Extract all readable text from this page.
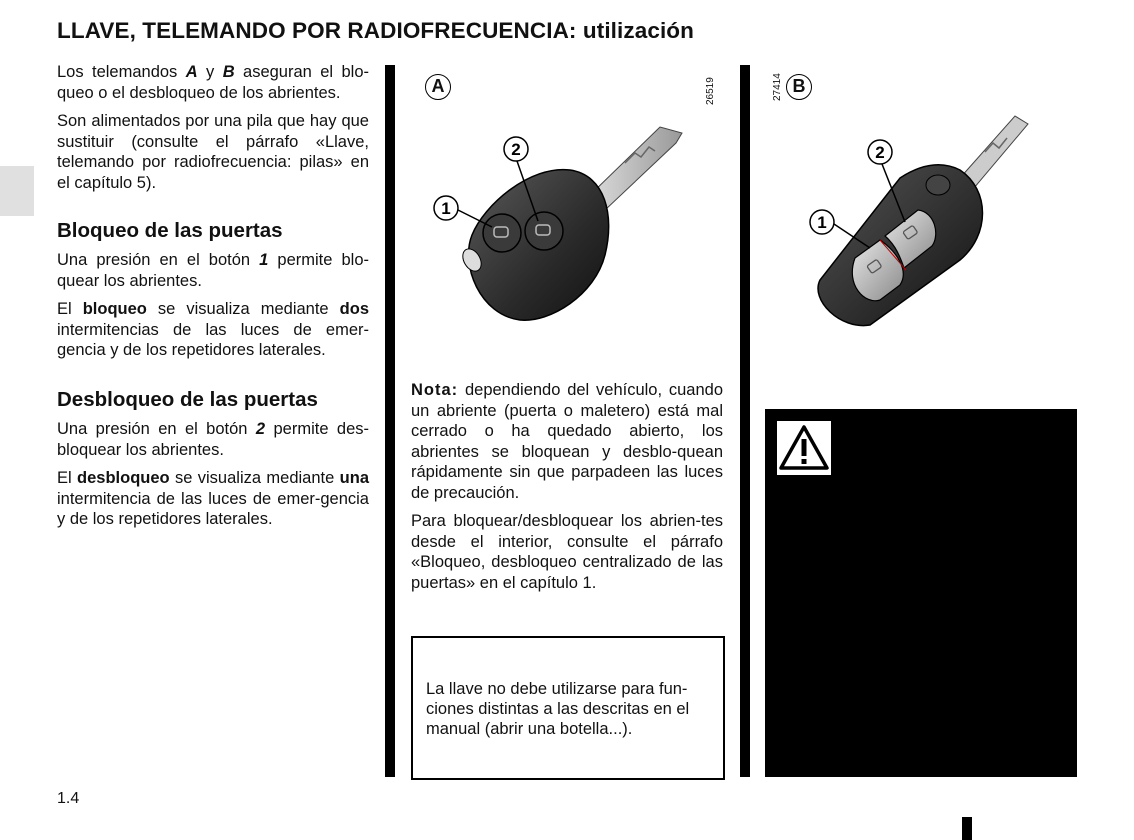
LLAVE, TELEMANDO POR RADIOFRECUENCIA: utilización

Los telemandos A y B aseguran el blo-queo o el desbloqueo de los abrientes.

Son alimentados por una pila que hay que sustituir (consulte el párrafo «Llave, telemando por radiofrecuencia: pilas» en el capítulo 5).

Bloqueo de las puertas

Una presión en el botón 1 permite blo-quear los abrientes.

El bloqueo se visualiza mediante dos intermitencias de las luces de emer-gencia y de los repetidores laterales.

Desbloqueo de las puertas

Una presión en el botón 2 permite des-bloquear los abrientes.

El desbloqueo se visualiza mediante una intermitencia de las luces de emer-gencia y de los repetidores laterales.

A	26519
1
2
27414 B
1
2

Nota: dependiendo del vehículo, cuando un abriente (puerta o maletero) está mal cerrado o ha quedado abierto, los abrientes se bloquean y desblo-quean rápidamente sin que parpadeen las luces de precaución.

Para bloquear/desbloquear los abrien-tes desde el interior, consulte el párrafo «Bloqueo, desbloqueo centralizado de las puertas» en el capítulo 1.

La llave no debe utilizarse para fun-ciones distintas a las descritas en el manual (abrir una botella...).

1.4
